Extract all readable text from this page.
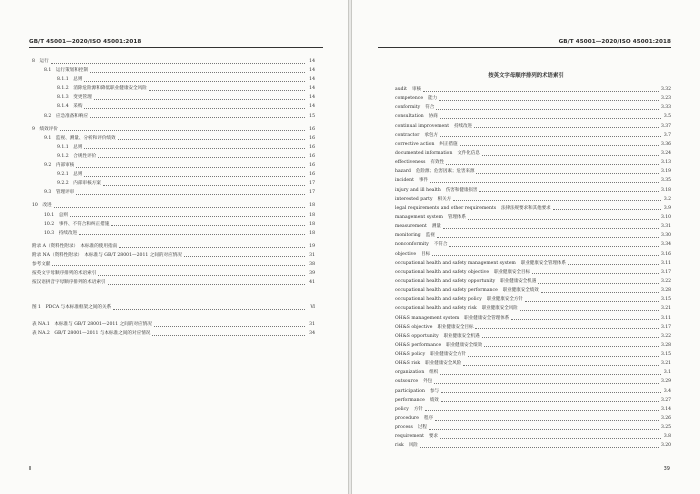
GB/T 45001—2020/ISO 45001:2018
8　运行	14
8.1　运行策划和控制	14
8.1.1　总则	14
8.1.2　消除危险源和降低职业健康安全风险	14
8.1.3　变更管理	14
8.1.4　采购	14
8.2　应急准备和响应	15
9　绩效评价	16
9.1　监视、测量、分析和评价绩效	16
9.1.1　总则	16
9.1.2　合规性评价	16
9.2　内部审核	16
9.2.1　总则	16
9.2.2　内部审核方案	17
9.3　管理评审	17
10　改进	18
10.1　总则	18
10.2　事件、不符合和纠正措施	18
10.3　持续改进	18
附录 A（资料性附录）　本标准的使用指南	19
附录 NA（资料性附录）　本标准与 GB/T 28001—2011 之间的对应情况	31
参考文献	38
按英文字母顺序排列的术语索引	39
按汉语拼音字母顺序排列的术语索引	41
图 1　PDCA 与本标准框架之间的关系	Ⅵ
表 NA.1　本标准与 GB/T 28001—2011 之间的对应情况	31
表 NA.2　GB/T 28001—2011 与本标准之间的对应情况	34
Ⅱ
GB/T 45001—2020/ISO 45001:2018
按英文字母顺序排列的术语索引
audit 审核	3.32
competence 能力	3.23
conformity 符合	3.33
consultation 协商	3.5
continual improvement 持续改进	3.37
contractor 承包方	3.7
corrective action 纠正措施	3.36
documented information 文件化信息	3.24
effectiveness 有效性	3.13
hazard 危险源；危害因素；危害来源	3.19
incident 事件	3.35
injury and ill health 伤害和健康损害	3.18
interested party 相关方	3.2
legal requirements and other requirements 法律法规要求和其他要求	3.9
management system 管理体系	3.10
measurement 测量	3.31
monitoring 监视	3.30
nonconformity 不符合	3.34
objective 目标	3.16
occupational health and safety management system 职业健康安全管理体系	3.11
occupational health and safety objective 职业健康安全目标	3.17
occupational health and safety opportunity 职业健康安全机遇	3.22
occupational health and safety performance 职业健康安全绩效	3.28
occupational health and safety policy 职业健康安全方针	3.15
occupational health and safety risk 职业健康安全风险	3.21
OH&S management system 职业健康安全管理体系	3.11
OH&S objective 职业健康安全目标	3.17
OH&S opportunity 职业健康安全机遇	3.22
OH&S performance 职业健康安全绩效	3.28
OH&S policy 职业健康安全方针	3.15
OH&S risk 职业健康安全风险	3.21
organization 组织	3.1
outsource 外包	3.29
participation 参与	3.4
performance 绩效	3.27
policy 方针	3.14
procedure 程序	3.26
process 过程	3.25
requirement 要求	3.8
risk 风险	3.20
39
